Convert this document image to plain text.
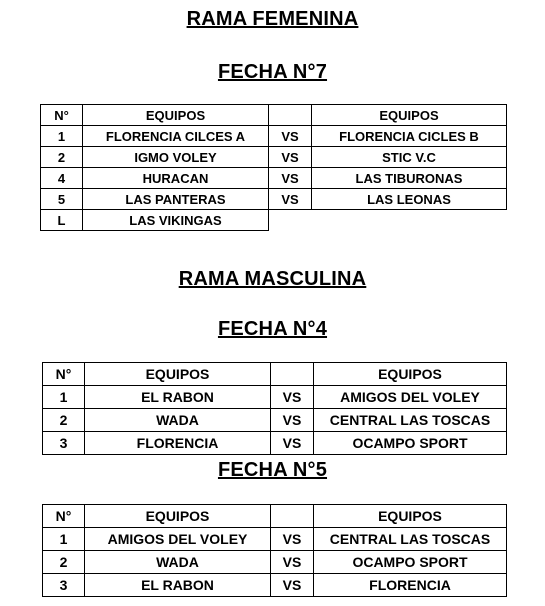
RAMA FEMENINA
FECHA N°7
N°	EQUIPOS		EQUIPOS
1	FLORENCIA CILCES A	VS	FLORENCIA CICLES B
2	IGMO VOLEY	VS	STIC V.C
4	HURACAN	VS	LAS TIBURONAS
5	LAS PANTERAS	VS	LAS LEONAS
L	LAS VIKINGAS		
RAMA MASCULINA
FECHA N°4
N°	EQUIPOS		EQUIPOS
1	EL RABON	VS	AMIGOS DEL VOLEY
2	WADA	VS	CENTRAL LAS TOSCAS
3	FLORENCIA	VS	OCAMPO SPORT
FECHA N°5
N°	EQUIPOS		EQUIPOS
1	AMIGOS DEL VOLEY	VS	CENTRAL LAS TOSCAS
2	WADA	VS	OCAMPO SPORT
3	EL RABON	VS	FLORENCIA
